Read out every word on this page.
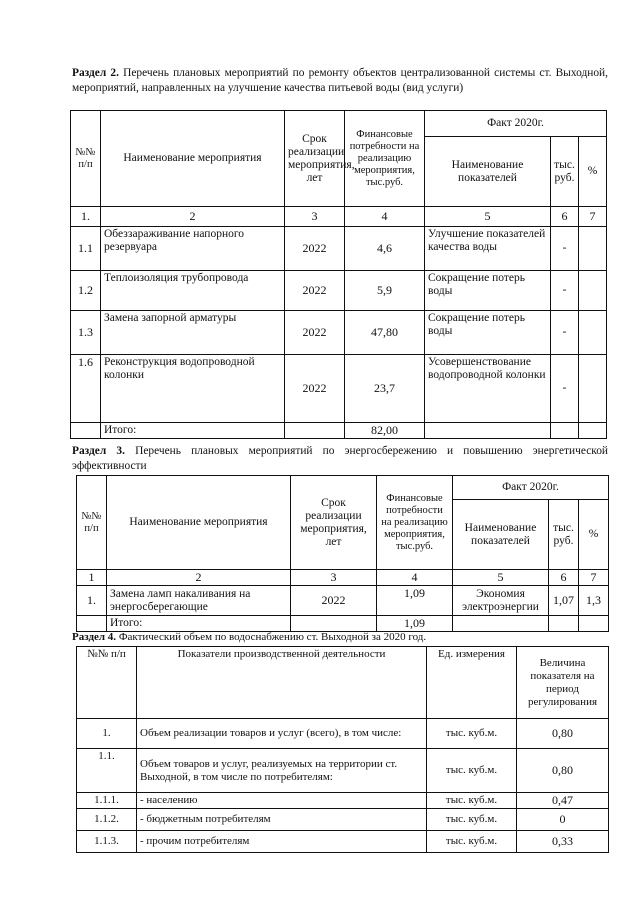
Раздел 2. Перечень плановых мероприятий по ремонту объектов централизованной системы ст. Выходной, мероприятий, направленных на улучшение качества питьевой воды (вид услуги)
№№ п/п	Наименование мероприятия	Срок реализации мероприятия, лет	Финансовые потребности на реализацию мероприятия, тыс.руб.	Факт 2020г.		
				Наименование показателей	тыс. руб.	%
1.	2	3	4	5	6	7
1.1	Обеззараживание напорного резервуара	2022	4,6	Улучшение показателей качества воды	-	
1.2	Теплоизоляция трубопровода	2022	5,9	Сокращение потерь воды	-	
1.3	Замена запорной арматуры	2022	47,80	Сокращение потерь воды	-	
1.6	Реконструкция водопроводной колонки	2022	23,7	Усовершенствование водопроводной колонки	-	
	Итого:		82,00			
Раздел 3. Перечень плановых мероприятий по энергосбережению и повышению энергетической эффективности
№№ п/п	Наименование мероприятия	Срок реализации мероприятия, лет	Финансовые потребности на реализацию мероприятия, тыс.руб.	Факт 2020г.		
				Наименование показателей	тыс. руб.	%
1	2	3	4	5	6	7
1.	Замена ламп накаливания на энергосберегающие	2022	1,09	Экономия электроэнергии	1,07	1,3
	Итого:		1,09			
Раздел 4. Фактический объем по водоснабжению ст. Выходной за 2020 год.
№№ п/п	Показатели производственной деятельности	Ед. измерения	Величина показателя на период регулирования
1.	Объем реализации товаров и услуг (всего), в том числе:	тыс. куб.м.	0,80
1.1.	Объем товаров и услуг, реализуемых на территории ст. Выходной, в том числе по потребителям:	тыс. куб.м.	0,80
1.1.1.	- населению	тыс. куб.м.	0,47
1.1.2.	- бюджетным потребителям	тыс. куб.м.	0
1.1.3.	- прочим потребителям	тыс. куб.м.	0,33
